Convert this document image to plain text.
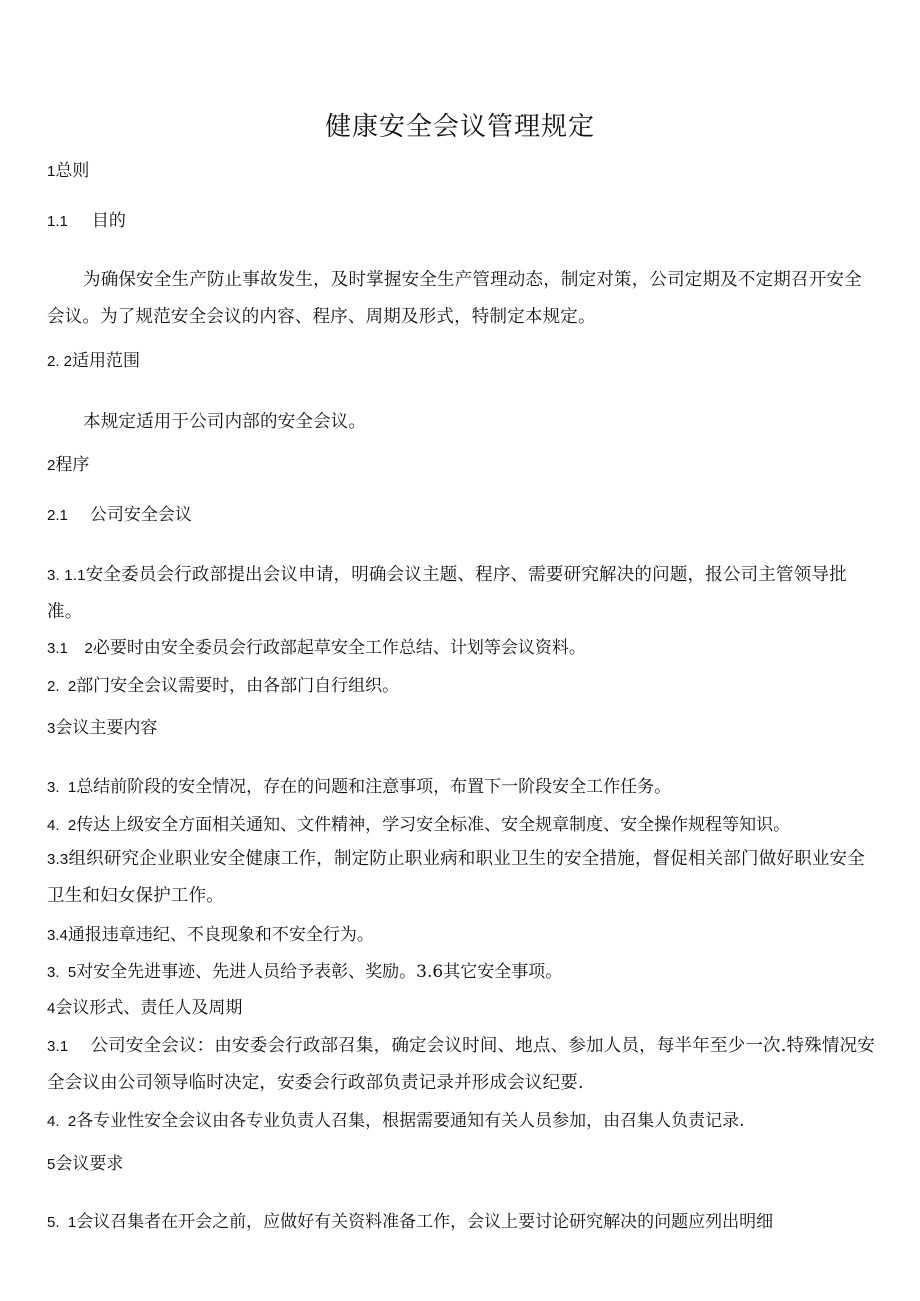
健康安全会议管理规定
1总则
1.1 目的
为确保安全生产防止事故发生，及时掌握安全生产管理动态，制定对策，公司定期及不定期召开安全会议。为了规范安全会议的内容、程序、周期及形式，特制定本规定。
2. 2适用范围
本规定适用于公司内部的安全会议。
2程序
2.1 公司安全会议
3. 1.1安全委员会行政部提出会议申请，明确会议主题、程序、需要研究解决的问题，报公司主管领导批准。
3.1    2必要时由安全委员会行政部起草安全工作总结、计划等会议资料。
2.  2部门安全会议需要时，由各部门自行组织。
3会议主要内容
3.  1总结前阶段的安全情况，存在的问题和注意事项，布置下一阶段安全工作任务。
4.  2传达上级安全方面相关通知、文件精神，学习安全标准、安全规章制度、安全操作规程等知识。
3.3组织研究企业职业安全健康工作，制定防止职业病和职业卫生的安全措施，督促相关部门做好职业安全卫生和妇女保护工作。
3.4通报违章违纪、不良现象和不安全行为。
3.  5对安全先进事迹、先进人员给予表彰、奖励。3.6其它安全事项。
4会议形式、责任人及周期
3.1 公司安全会议：由安委会行政部召集，确定会议时间、地点、参加人员，每半年至少一次.特殊情况安全会议由公司领导临时决定，安委会行政部负责记录并形成会议纪要.
4.  2各专业性安全会议由各专业负责人召集，根据需要通知有关人员参加，由召集人负责记录.
5会议要求
5.  1会议召集者在开会之前，应做好有关资料准备工作，会议上要讨论研究解决的问题应列出明细
